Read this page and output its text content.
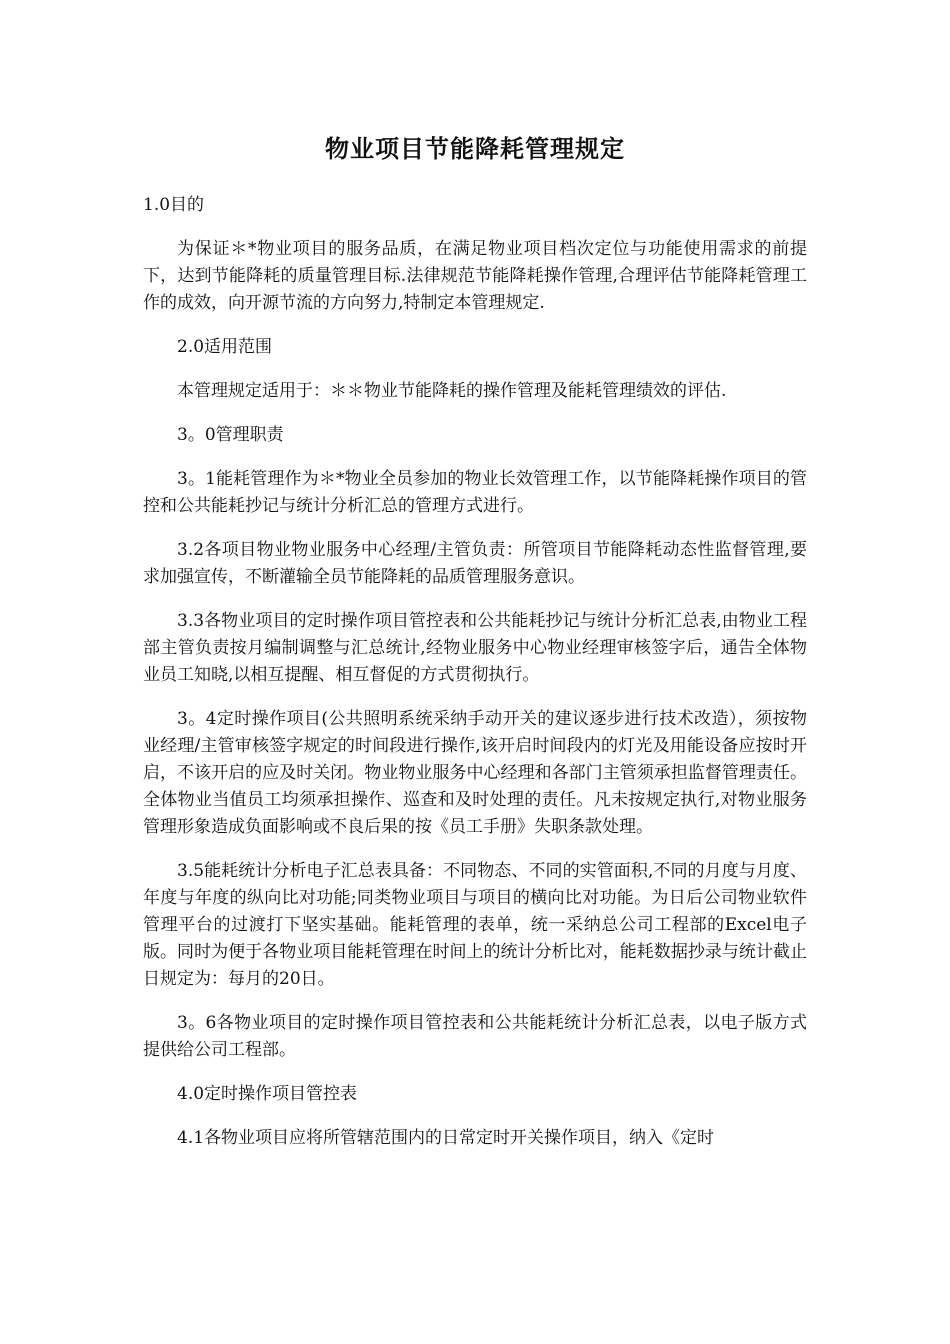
物业项目节能降耗管理规定

1.0目的

为保证＊*物业项目的服务品质，在满足物业项目档次定位与功能使用需求的前提下，达到节能降耗的质量管理目标.法律规范节能降耗操作管理,合理评估节能降耗管理工作的成效，向开源节流的方向努力,特制定本管理规定.

2.0适用范围

本管理规定适用于：＊＊物业节能降耗的操作管理及能耗管理绩效的评估.

3。0管理职责

3。1能耗管理作为＊*物业全员参加的物业长效管理工作，以节能降耗操作项目的管控和公共能耗抄记与统计分析汇总的管理方式进行。

3.2各项目物业物业服务中心经理/主管负责：所管项目节能降耗动态性监督管理,要求加强宣传，不断灌输全员节能降耗的品质管理服务意识。

3.3各物业项目的定时操作项目管控表和公共能耗抄记与统计分析汇总表,由物业工程部主管负责按月编制调整与汇总统计,经物业服务中心物业经理审核签字后，通告全体物业员工知晓,以相互提醒、相互督促的方式贯彻执行。

3。4定时操作项目(公共照明系统采纳手动开关的建议逐步进行技术改造），须按物业经理/主管审核签字规定的时间段进行操作,该开启时间段内的灯光及用能设备应按时开启，不该开启的应及时关闭。物业物业服务中心经理和各部门主管须承担监督管理责任。全体物业当值员工均须承担操作、巡查和及时处理的责任。凡未按规定执行,对物业服务管理形象造成负面影响或不良后果的按《员工手册》失职条款处理。

3.5能耗统计分析电子汇总表具备：不同物态、不同的实管面积,不同的月度与月度、年度与年度的纵向比对功能;同类物业项目与项目的横向比对功能。为日后公司物业软件管理平台的过渡打下坚实基础。能耗管理的表单，统一采纳总公司工程部的Excel电子版。同时为便于各物业项目能耗管理在时间上的统计分析比对，能耗数据抄录与统计截止日规定为：每月的20日。

3。6各物业项目的定时操作项目管控表和公共能耗统计分析汇总表，以电子版方式提供给公司工程部。

4.0定时操作项目管控表

4.1各物业项目应将所管辖范围内的日常定时开关操作项目，纳入《定时
